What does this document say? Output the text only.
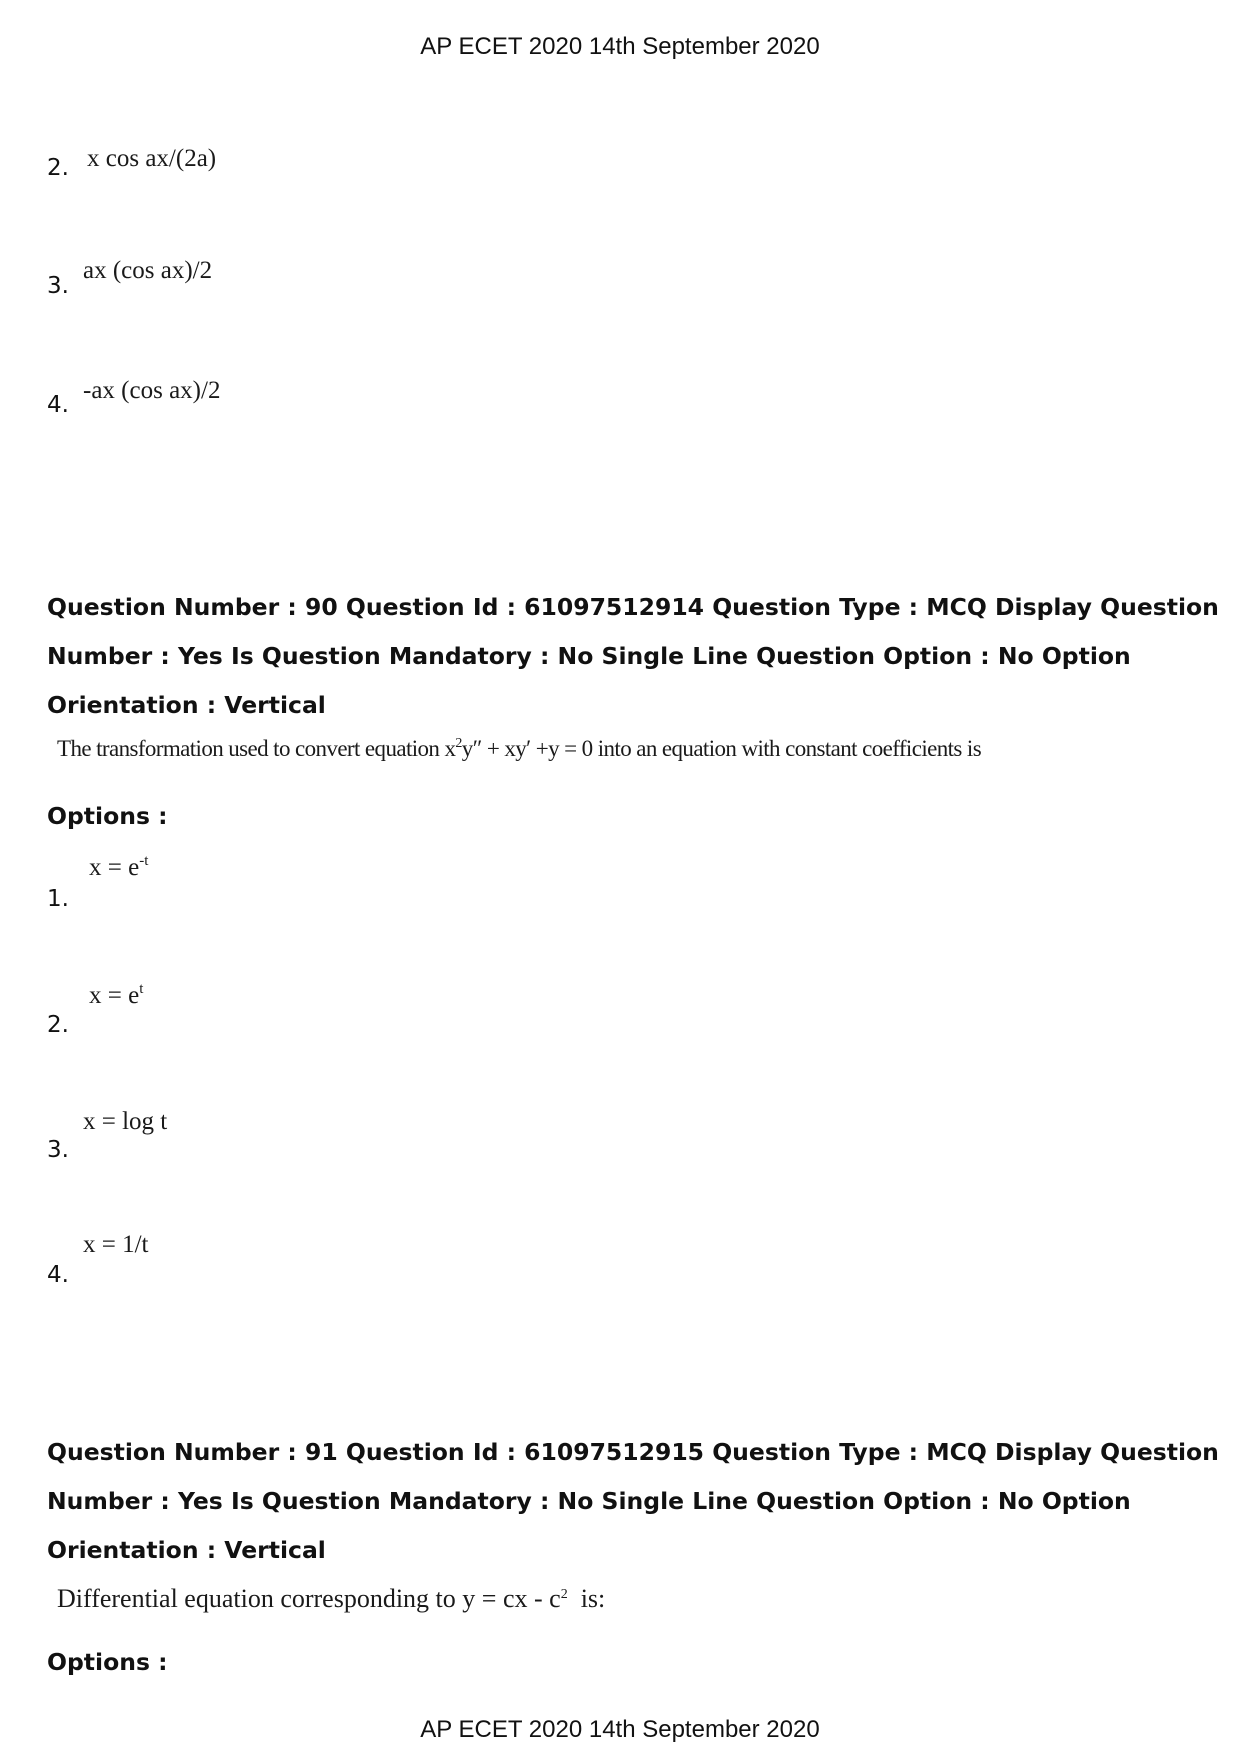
AP ECET 2020 14th September 2020
2. x cos ax/(2a)
3.
ax (cos ax)/2
4.
-ax (cos ax)/2
Question Number : 90 Question Id : 61097512914 Question Type : MCQ Display Question
Number : Yes Is Question Mandatory : No Single Line Question Option : No Option
Orientation : Vertical
The transformation used to convert equation $x^2y'' + xy' +y = 0$ into an equation with constant coefficients is
Options :
1.
$x = e^{-t}$
2.
$x = e^t$
3.
x = log t
4.
x = 1/t
Question Number : 91 Question Id : 61097512915 Question Type : MCQ Display Question
Number : Yes Is Question Mandatory : No Single Line Question Option : No Option
Orientation : Vertical
Differential equation corresponding to y = cx - $c^2$  is:
Options :
AP ECET 2020 14th September 2020
